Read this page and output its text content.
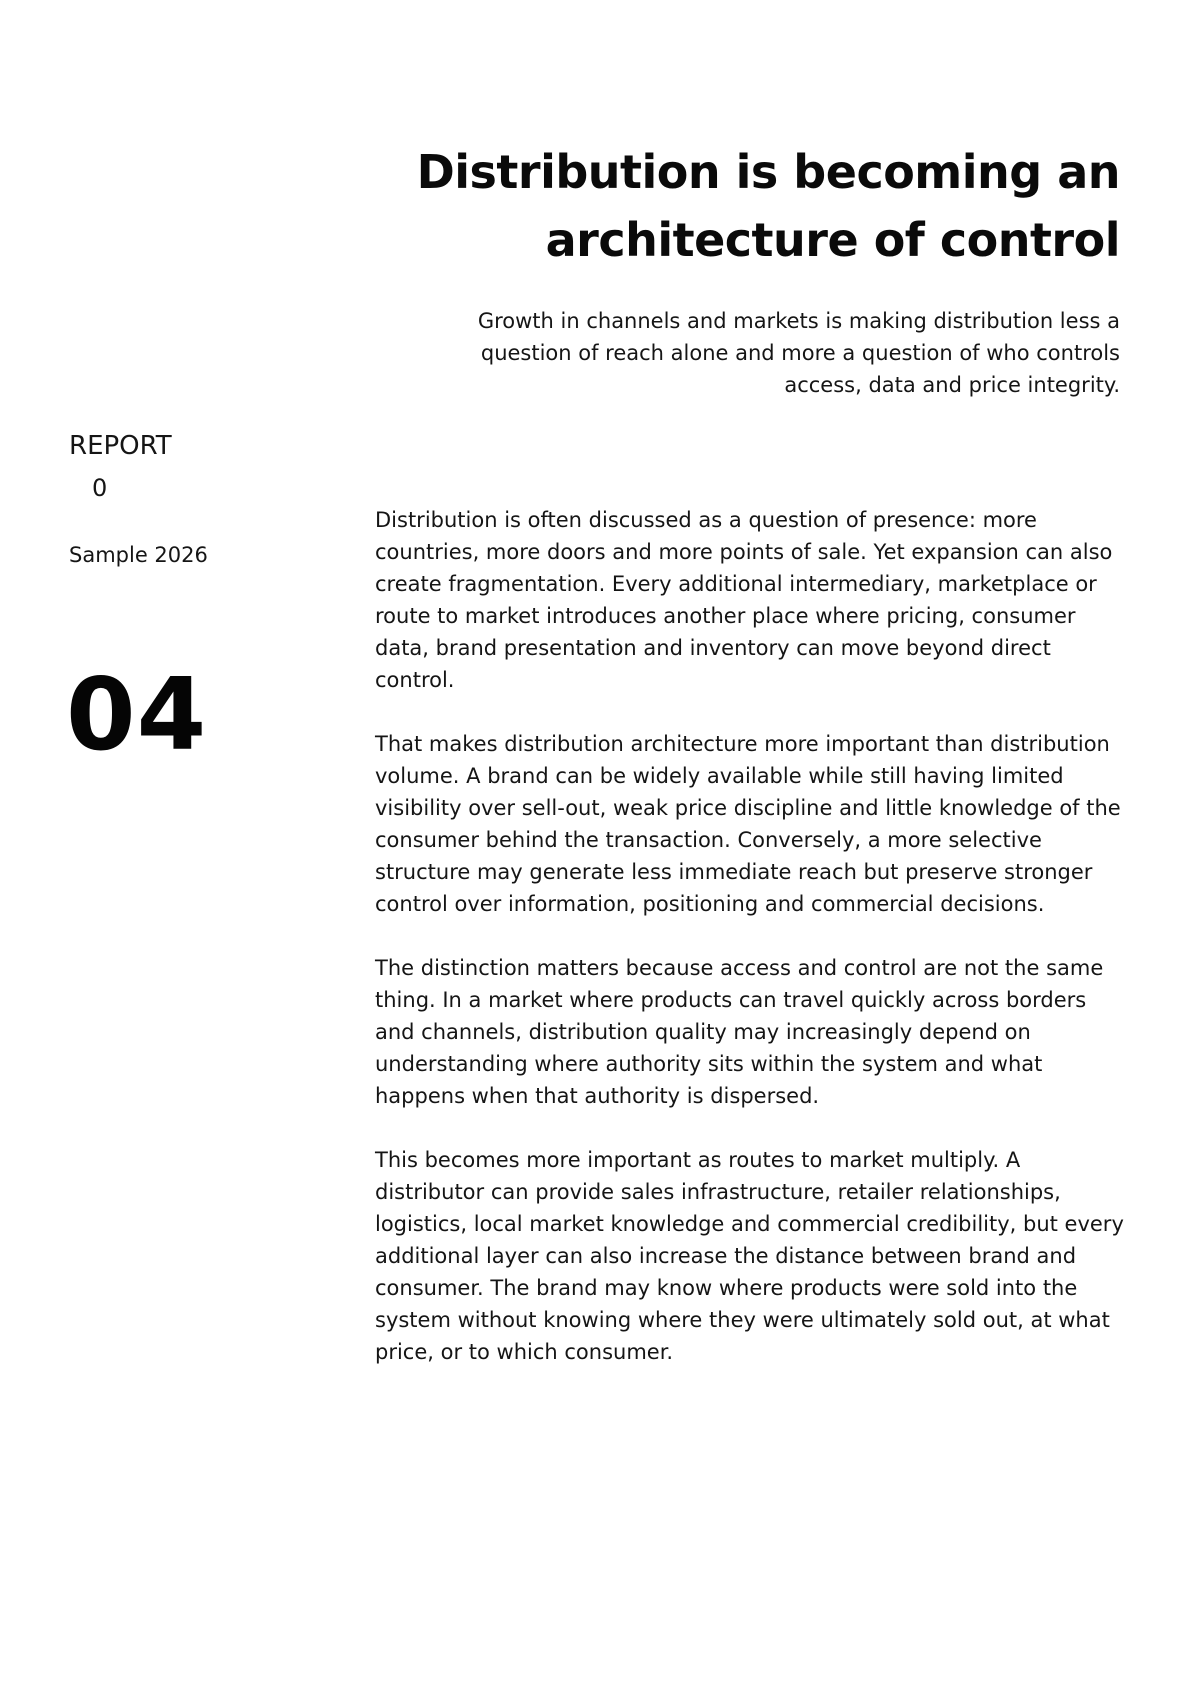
Distribution is becoming an
architecture of control

Growth in channels and markets is making distribution less a question of reach alone and more a question of who controls access, data and price integrity.

REPORT
0
Sample 2026
04

Distribution is often discussed as a question of presence: more countries, more doors and more points of sale. Yet expansion can also create fragmentation. Every additional intermediary, marketplace or route to market introduces another place where pricing, consumer data, brand presentation and inventory can move beyond direct control.

That makes distribution architecture more important than distribution volume. A brand can be widely available while still having limited visibility over sell-out, weak price discipline and little knowledge of the consumer behind the transaction. Conversely, a more selective structure may generate less immediate reach but preserve stronger control over information, positioning and commercial decisions.

The distinction matters because access and control are not the same thing. In a market where products can travel quickly across borders and channels, distribution quality may increasingly depend on understanding where authority sits within the system and what happens when that authority is dispersed.

This becomes more important as routes to market multiply. A distributor can provide sales infrastructure, retailer relationships, logistics, local market knowledge and commercial credibility, but every additional layer can also increase the distance between brand and consumer. The brand may know where products were sold into the system without knowing where they were ultimately sold out, at what price, or to which consumer.
